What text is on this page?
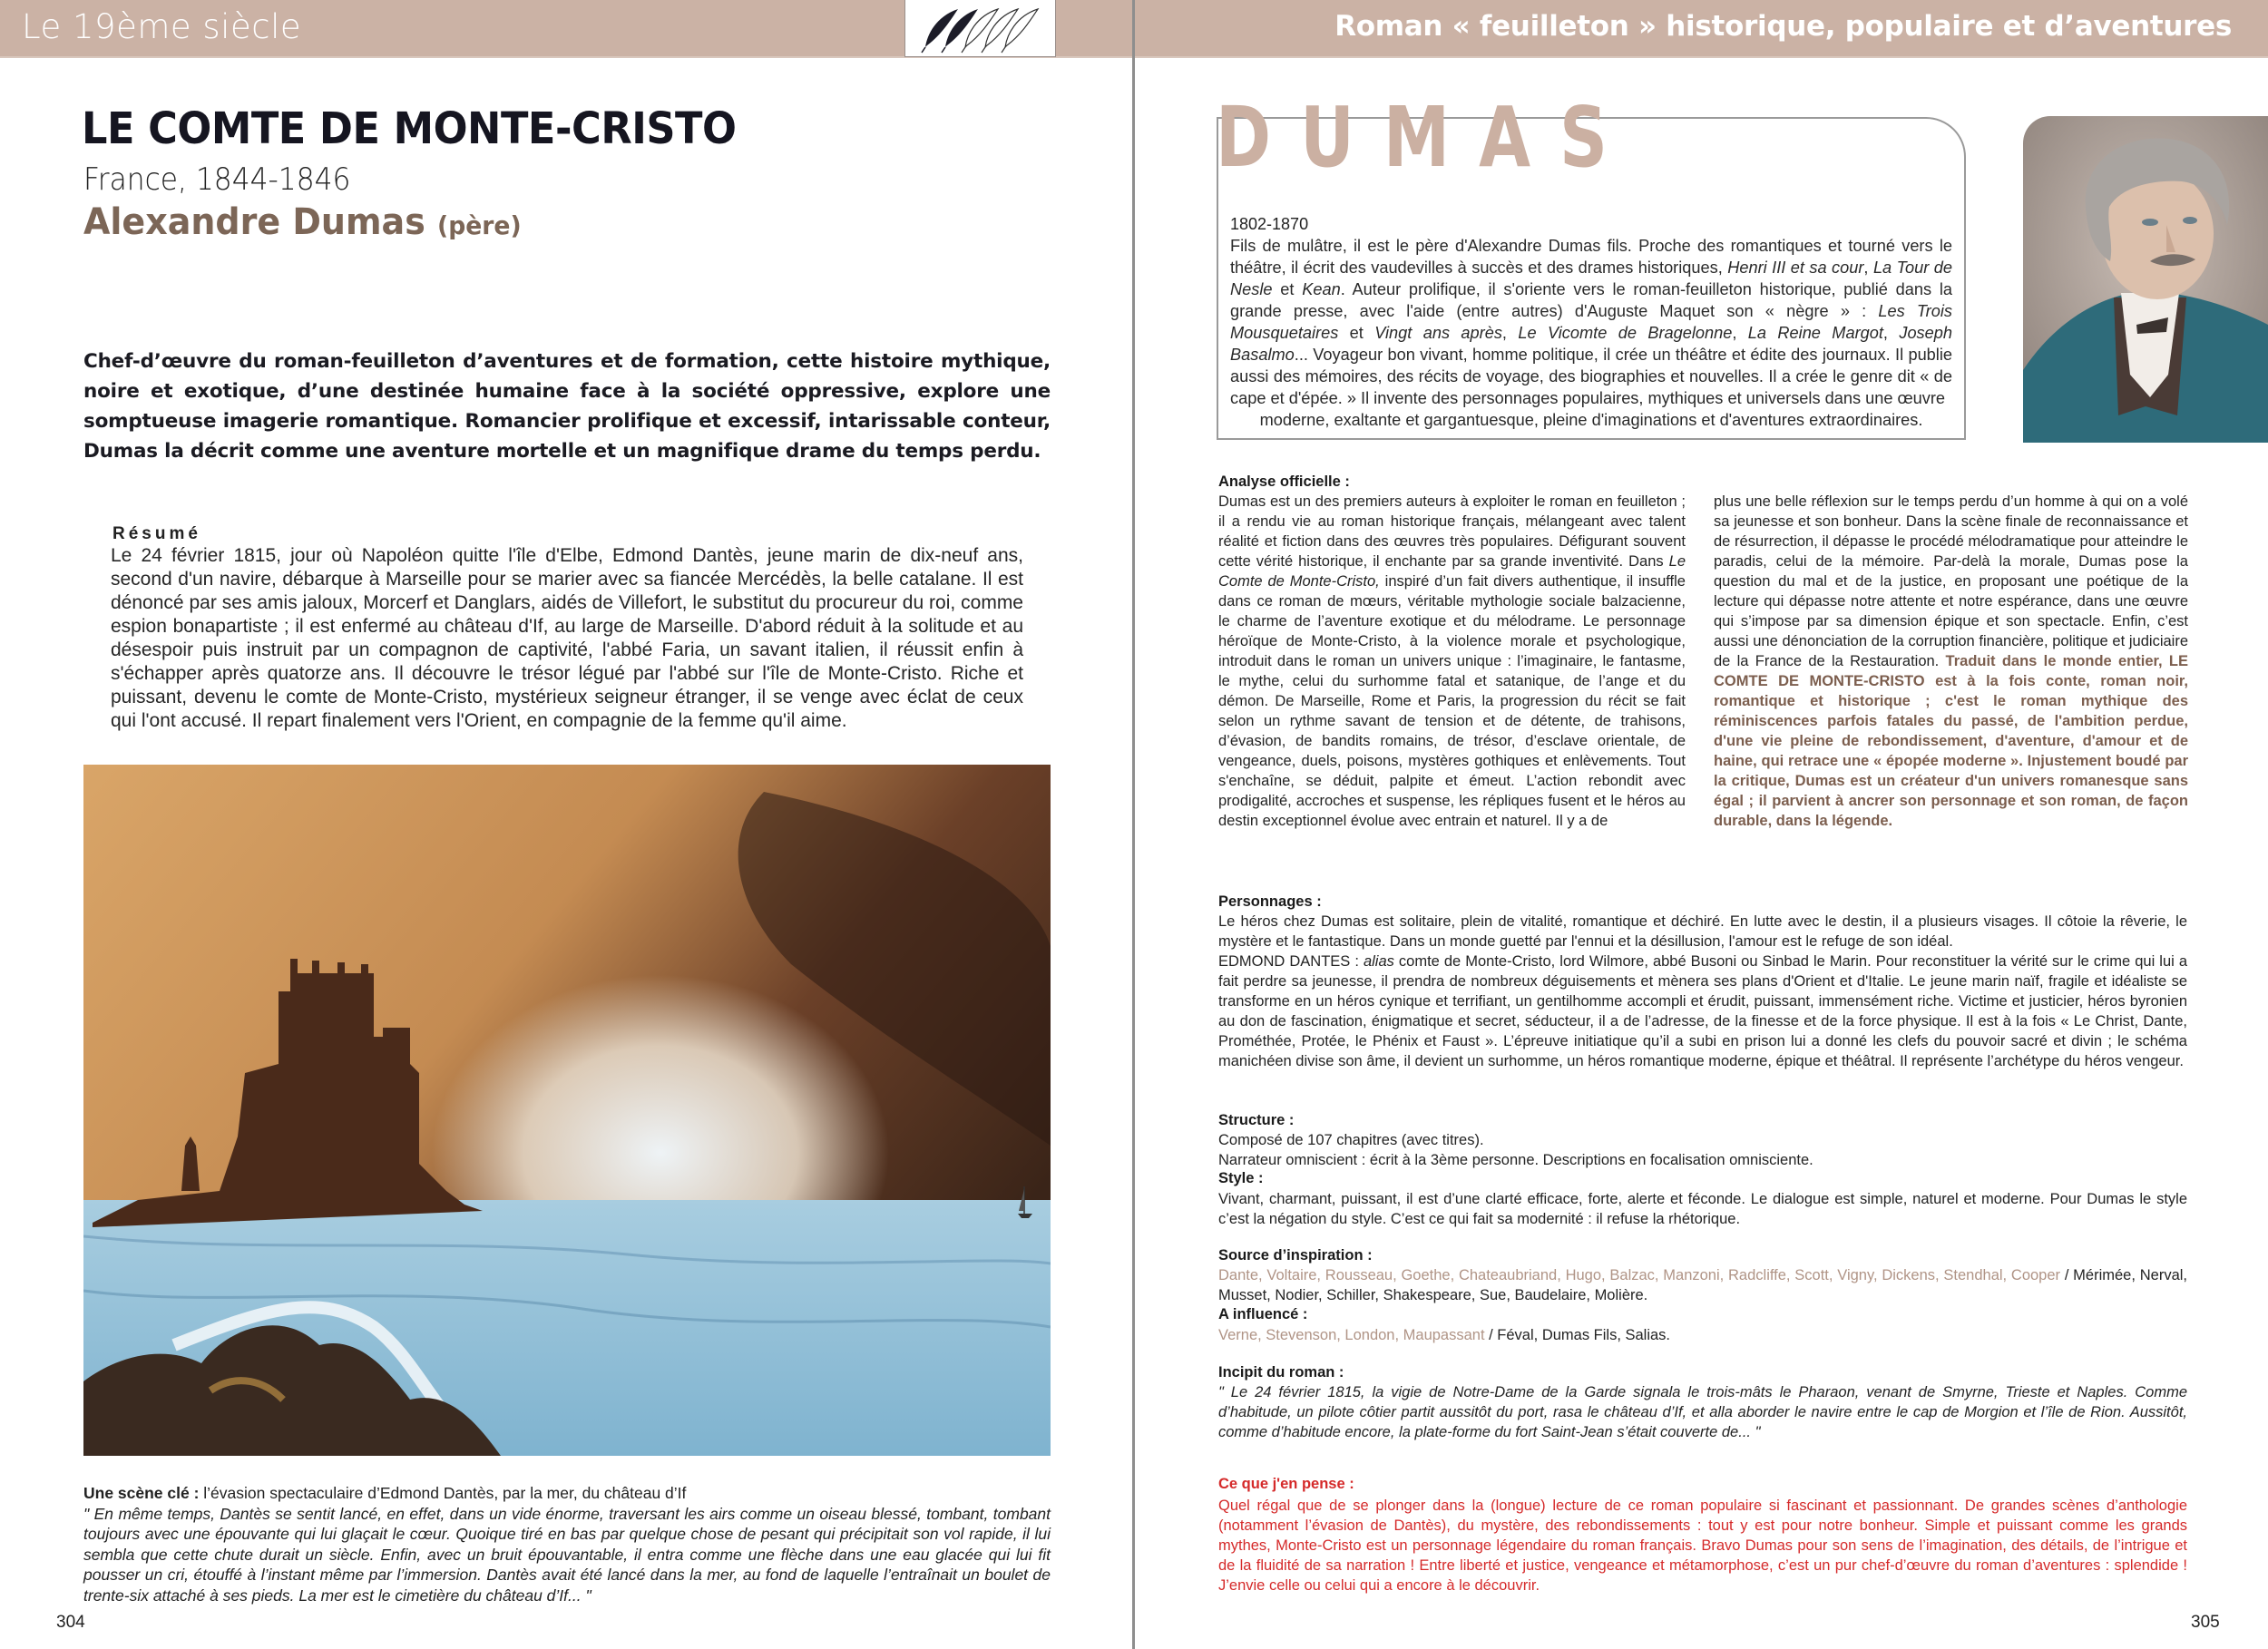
Le 19ème siècle	Roman « feuilleton » historique, populaire et d’aventures
LE COMTE DE MONTE-CRISTO
France, 1844-1846
Alexandre Dumas (père)
Chef-d’œuvre du roman-feuilleton d’aventures et de formation, cette histoire mythique, noire et exotique, d’une destinée humaine face à la société oppressive, explore une somptueuse imagerie romantique. Romancier prolifique et excessif, intarissable conteur, Dumas la décrit comme une aventure mortelle et un magnifique drame du temps perdu.
Résumé
Le 24 février 1815, jour où Napoléon quitte l'île d'Elbe, Edmond Dantès, jeune marin de dix-neuf ans, second d'un navire, débarque à Marseille pour se marier avec sa fiancée Mercédès, la belle catalane. Il est dénoncé par ses amis jaloux, Morcerf et Danglars, aidés de Villefort, le substitut du procureur du roi, comme espion bonapartiste ; il est enfermé au château d'If, au large de Marseille. D'abord réduit à la solitude et au désespoir puis instruit par un compagnon de captivité, l'abbé Faria, un savant italien, il réussit enfin à s'échapper après quatorze ans. Il découvre le trésor légué par l'abbé sur l'île de Monte-Cristo. Riche et puissant, devenu le comte de Monte-Cristo, mystérieux seigneur étranger, il se venge avec éclat de ceux qui l'ont accusé. Il repart finalement vers l'Orient, en compagnie de la femme qu'il aime.
Une scène clé : l’évasion spectaculaire d’Edmond Dantès, par la mer, du château d’If
" En même temps, Dantès se sentit lancé, en effet, dans un vide énorme, traversant les airs comme un oiseau blessé, tombant, tombant toujours avec une épouvante qui lui glaçait le cœur. Quoique tiré en bas par quelque chose de pesant qui précipitait son vol rapide, il lui sembla que cette chute durait un siècle. Enfin, avec un bruit épouvantable, il entra comme une flèche dans une eau glacée qui lui fit pousser un cri, étouffé à l’instant même par l’immersion. Dantès avait été lancé dans la mer, au fond de laquelle l’entraînait un boulet de trente-six attaché à ses pieds. La mer est le cimetière du château d’If... "
304
DUMAS
1802-1870
Fils de mulâtre, il est le père d'Alexandre Dumas fils. Proche des romantiques et tourné vers le théâtre, il écrit des vaudevilles à succès et des drames historiques, Henri III et sa cour, La Tour de Nesle et Kean. Auteur prolifique, il s'oriente vers le roman-feuilleton historique, publié dans la grande presse, avec l'aide (entre autres) d'Auguste Maquet son « nègre » : Les Trois Mousquetaires et Vingt ans après, Le Vicomte de Bragelonne, La Reine Margot, Joseph Basalmo... Voyageur bon vivant, homme politique, il crée un théâtre et édite des journaux. Il publie aussi des mémoires, des récits de voyage, des biographies et nouvelles. Il a crée le genre dit « de cape et d'épée. » Il invente des personnages populaires, mythiques et universels dans une œuvre
moderne, exaltante et gargantuesque, pleine d'imaginations et d'aventures extraordinaires.
Analyse officielle :
Dumas est un des premiers auteurs à exploiter le roman en feuilleton ; il a rendu vie au roman historique français, mélangeant avec talent réalité et fiction dans des œuvres très populaires. Défigurant souvent cette vérité historique, il enchante par sa grande inventivité. Dans Le Comte de Monte-Cristo, inspiré d’un fait divers authentique, il insuffle dans ce roman de mœurs, véritable mythologie sociale balzacienne, le charme de l’aventure exotique et du mélodrame. Le personnage héroïque de Monte-Cristo, à la violence morale et psychologique, introduit dans le roman un univers unique : l’imaginaire, le fantasme, le mythe, celui du surhomme fatal et satanique, de l’ange et du démon. De Marseille, Rome et Paris, la progression du récit se fait selon un rythme savant de tension et de détente, de trahisons, d’évasion, de bandits romains, de trésor, d’esclave orientale, de vengeance, duels, poisons, mystères gothiques et enlèvements. Tout s'enchaîne, se déduit, palpite et émeut. L’action rebondit avec prodigalité, accroches et suspense, les répliques fusent et le héros au destin exceptionnel évolue avec entrain et naturel. Il y a de
plus une belle réflexion sur le temps perdu d’un homme à qui on a volé sa jeunesse et son bonheur. Dans la scène finale de reconnaissance et de résurrection, il dépasse le procédé mélodramatique pour atteindre le paradis, celui de la mémoire. Par-delà la morale, Dumas pose la question du mal et de la justice, en proposant une poétique de la lecture qui dépasse notre attente et notre espérance, dans une œuvre qui s’impose par sa dimension épique et son spectacle. Enfin, c’est aussi une dénonciation de la corruption financière, politique et judiciaire de la France de la Restauration. Traduit dans le monde entier, LE COMTE DE MONTE-CRISTO est à la fois conte, roman noir, romantique et historique ; c'est le roman mythique des réminiscences parfois fatales du passé, de l'ambition perdue, d'une vie pleine de rebondissement, d'aventure, d'amour et de haine, qui retrace une « épopée moderne ». Injustement boudé par la critique, Dumas est un créateur d'un univers romanesque sans égal ; il parvient à ancrer son personnage et son roman, de façon durable, dans la légende.
Personnages :
Le héros chez Dumas est solitaire, plein de vitalité, romantique et déchiré. En lutte avec le destin, il a plusieurs visages. Il côtoie la rêverie, le mystère et le fantastique. Dans un monde guetté par l'ennui et la désillusion, l'amour est le refuge de son idéal.
EDMOND DANTES : alias comte de Monte-Cristo, lord Wilmore, abbé Busoni ou Sinbad le Marin. Pour reconstituer la vérité sur le crime qui lui a fait perdre sa jeunesse, il prendra de nombreux déguisements et mènera ses plans d'Orient et d'Italie. Le jeune marin naïf, fragile et idéaliste se transforme en un héros cynique et terrifiant, un gentilhomme accompli et érudit, puissant, immensément riche. Victime et justicier, héros byronien au don de fascination, énigmatique et secret, séducteur, il a de l’adresse, de la finesse et de la force physique. Il est à la fois « Le Christ, Dante, Prométhée, Protée, le Phénix et Faust ». L’épreuve initiatique qu’il a subi en prison lui a donné les clefs du pouvoir sacré et divin ; le schéma manichéen divise son âme, il devient un surhomme, un héros romantique moderne, épique et théâtral. Il représente l’archétype du héros vengeur.
Structure :
Composé de 107 chapitres (avec titres).
Narrateur omniscient : écrit à la 3ème personne. Descriptions en focalisation omnisciente.
Style :
Vivant, charmant, puissant, il est d’une clarté efficace, forte, alerte et féconde. Le dialogue est simple, naturel et moderne. Pour Dumas le style c’est la négation du style. C’est ce qui fait sa modernité : il refuse la rhétorique.
Source d’inspiration :
Dante, Voltaire, Rousseau, Goethe, Chateaubriand, Hugo, Balzac, Manzoni, Radcliffe, Scott, Vigny, Dickens, Stendhal, Cooper / Mérimée, Nerval, Musset, Nodier, Schiller, Shakespeare, Sue, Baudelaire, Molière.
A influencé :
Verne, Stevenson, London, Maupassant / Féval, Dumas Fils, Salias.
Incipit du roman :
" Le 24 février 1815, la vigie de Notre-Dame de la Garde signala le trois-mâts le Pharaon, venant de Smyrne, Trieste et Naples. Comme d’habitude, un pilote côtier partit aussitôt du port, rasa le château d’If, et alla aborder le navire entre le cap de Morgion et l’île de Rion. Aussitôt, comme d’habitude encore, la plate-forme du fort Saint-Jean s’était couverte de... "
Ce que j'en pense :
Quel régal que de se plonger dans la (longue) lecture de ce roman populaire si fascinant et passionnant. De grandes scènes d’anthologie (notamment l’évasion de Dantès), du mystère, des rebondissements : tout y est pour notre bonheur. Simple et puissant comme les grands mythes, Monte-Cristo est un personnage légendaire du roman français. Bravo Dumas pour son sens de l’imagination, des détails, de l’intrigue et de la fluidité de sa narration ! Entre liberté et justice, vengeance et métamorphose, c’est un pur chef-d’œuvre du roman d’aventures : splendide ! J’envie celle ou celui qui a encore à le découvrir.
305
